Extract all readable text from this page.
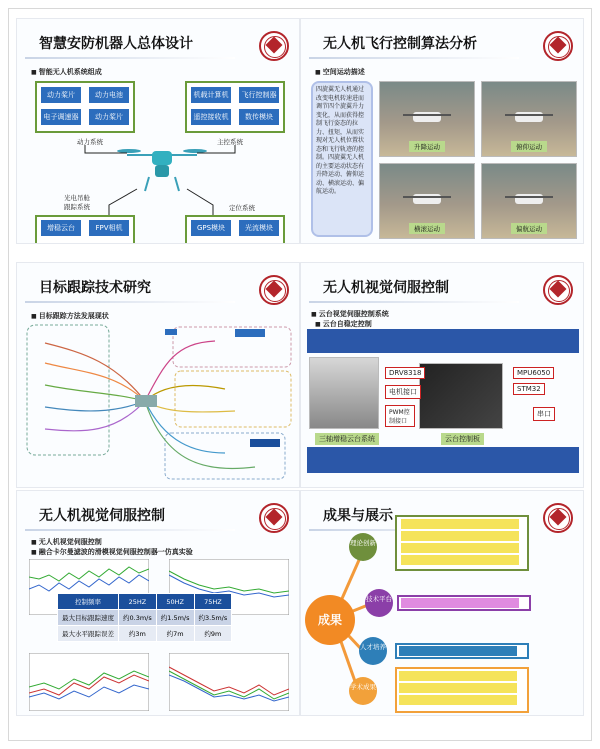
智慧安防机器人总体设计
■ 智能无人机系统组成
动力桨片	动力电池
电子调速器	动力桨片
动力系统
机载计算机	飞行控制器
遥控接收机	数传模块
主控系统
光电吊舱
跟踪系统
增稳云台	FPV相机
定位系统
GPS模块	光流模块
无人机飞行控制算法分析
■ 空间运动描述
四旋翼无人机通过改变电机转速进而调节四个旋翼升力变化，从而获得控制飞行姿态的拉力、扭矩，从而实现对无人机位置状态和飞行轨迹的控制。四旋翼无人机的主要运动状态有升降运动、俯仰运动、横滚运动、偏航运动。
升降运动	俯仰运动
横滚运动	偏航运动
目标跟踪技术研究
■ 目标跟踪方法发展现状
无人机视觉伺服控制
■ 云台视觉伺服控制系统
■ 云台自稳定控制
DRV8318
电机接口
PWM控制接口
MPU6050
STM32
串口
三轴增稳云台系统	云台控制板
无人机视觉伺服控制
■ 无人机视觉伺服控制
■ 融合卡尔曼滤波的滑模视觉伺服控制器一仿真实验
控制频率	25HZ	50HZ	75HZ
最大目标跟踪速度	约0.3m/s	约1.5m/s	约3.5m/s
最大水平跟踪误差	约3m	约7m	约9m
成果与展示
成果
理论创新
技术平台
人才培养
学术成果
